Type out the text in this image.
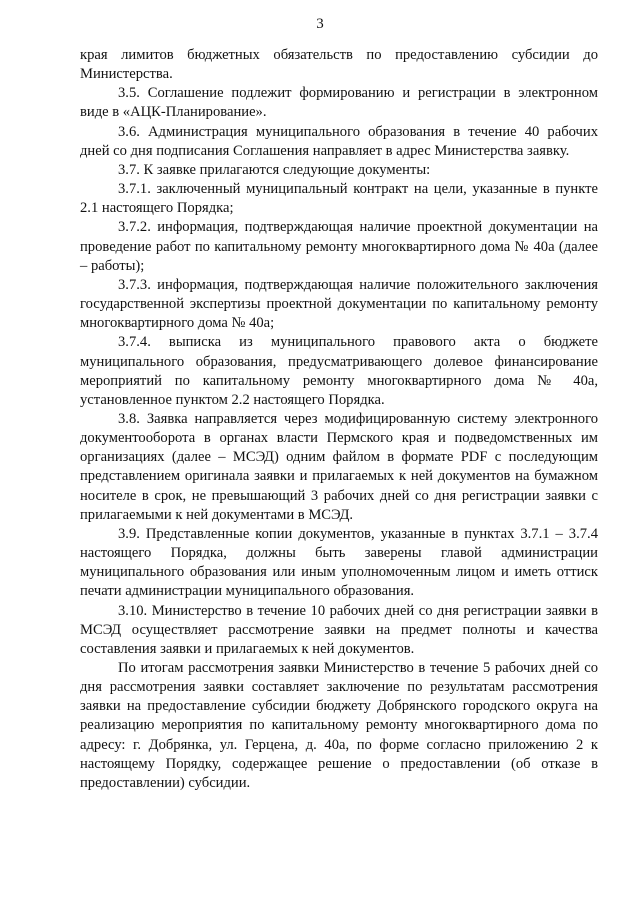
3

края лимитов бюджетных обязательств по предоставлению субсидии до Министерства.

3.5. Соглашение подлежит формированию и регистрации в электронном виде в «АЦК-Планирование».

3.6. Администрация муниципального образования в течение 40 рабочих дней со дня подписания Соглашения направляет в адрес Министерства заявку.

3.7. К заявке прилагаются следующие документы:

3.7.1. заключенный муниципальный контракт на цели, указанные в пункте 2.1 настоящего Порядка;

3.7.2. информация, подтверждающая наличие проектной документации на проведение работ по капитальному ремонту многоквартирного дома № 40а (далее – работы);

3.7.3. информация, подтверждающая наличие положительного заключения государственной экспертизы проектной документации по капитальному ремонту многоквартирного дома № 40а;

3.7.4. выписка из муниципального правового акта о бюджете муниципального образования, предусматривающего долевое финансирование мероприятий по капитальному ремонту многоквартирного дома № 40а, установленное пунктом 2.2 настоящего Порядка.

3.8. Заявка направляется через модифицированную систему электронного документооборота в органах власти Пермского края и подведомственных им организациях (далее – МСЭД) одним файлом в формате PDF с последующим представлением оригинала заявки и прилагаемых к ней документов на бумажном носителе в срок, не превышающий 3 рабочих дней со дня регистрации заявки с прилагаемыми к ней документами в МСЭД.

3.9. Представленные копии документов, указанные в пунктах 3.7.1 – 3.7.4 настоящего Порядка, должны быть заверены главой администрации муниципального образования или иным уполномоченным лицом и иметь оттиск печати администрации муниципального образования.

3.10. Министерство в течение 10 рабочих дней со дня регистрации заявки в МСЭД осуществляет рассмотрение заявки на предмет полноты и качества составления заявки и прилагаемых к ней документов.

По итогам рассмотрения заявки Министерство в течение 5 рабочих дней со дня рассмотрения заявки составляет заключение по результатам рассмотрения заявки на предоставление субсидии бюджету Добрянского городского округа на реализацию мероприятия по капитальному ремонту многоквартирного дома по адресу: г. Добрянка, ул. Герцена, д. 40а, по форме согласно приложению 2 к настоящему Порядку, содержащее решение о предоставлении (об отказе в предоставлении) субсидии.
